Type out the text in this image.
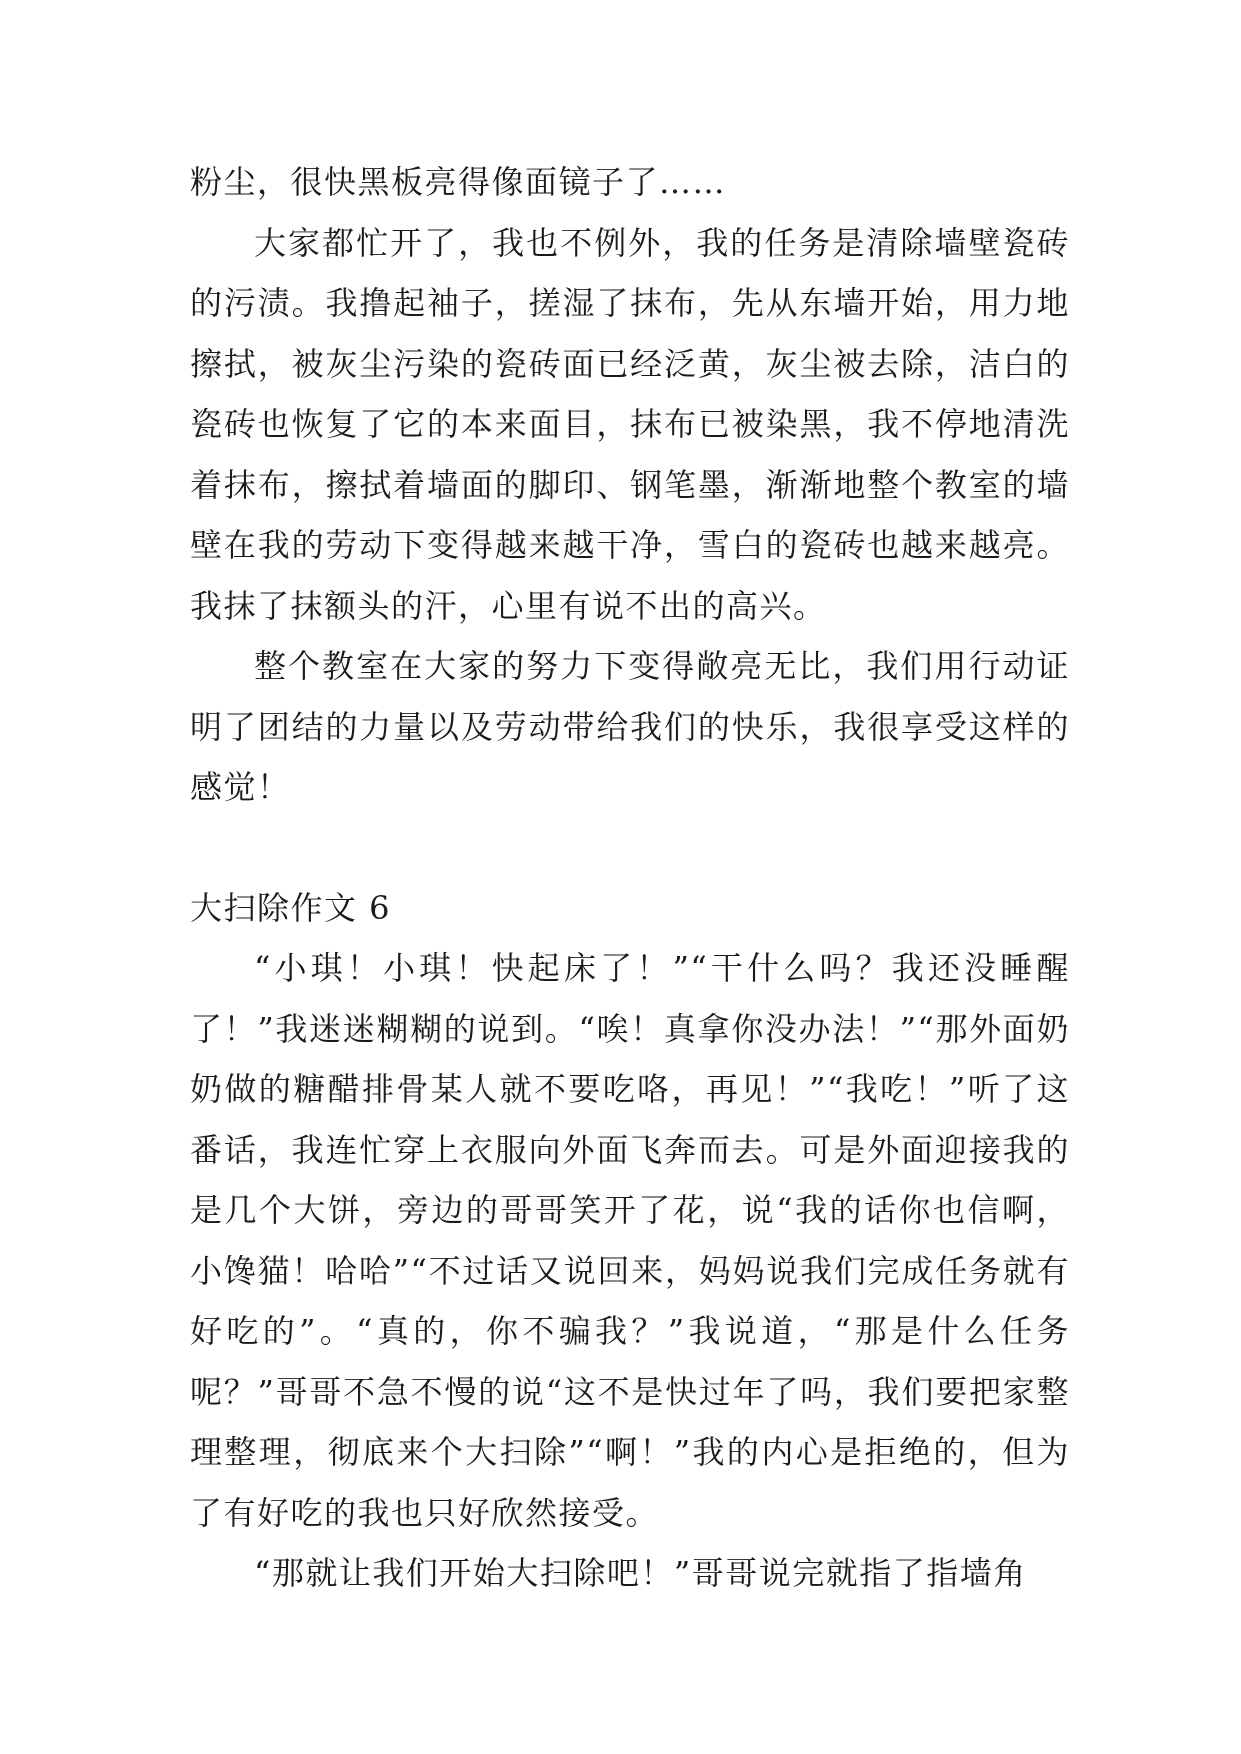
粉尘，很快黑板亮得像面镜子了……

大家都忙开了，我也不例外，我的任务是清除墙壁瓷砖的污渍。我撸起袖子，搓湿了抹布，先从东墙开始，用力地擦拭，被灰尘污染的瓷砖面已经泛黄，灰尘被去除，洁白的瓷砖也恢复了它的本来面目，抹布已被染黑，我不停地清洗着抹布，擦拭着墙面的脚印、钢笔墨，渐渐地整个教室的墙壁在我的劳动下变得越来越干净，雪白的瓷砖也越来越亮。我抹了抹额头的汗，心里有说不出的高兴。

整个教室在大家的努力下变得敞亮无比，我们用行动证明了团结的力量以及劳动带给我们的快乐，我很享受这样的感觉！

大扫除作文 6

“小琪！小琪！快起床了！”“干什么吗？我还没睡醒了！”我迷迷糊糊的说到。“唉！真拿你没办法！”“那外面奶奶做的糖醋排骨某人就不要吃咯，再见！”“我吃！”听了这番话，我连忙穿上衣服向外面飞奔而去。可是外面迎接我的是几个大饼，旁边的哥哥笑开了花，说“我的话你也信啊，小馋猫！哈哈”“不过话又说回来，妈妈说我们完成任务就有好吃的”。“真的，你不骗我？”我说道，“那是什么任务呢？”哥哥不急不慢的说“这不是快过年了吗，我们要把家整理整理，彻底来个大扫除”“啊！”我的内心是拒绝的，但为了有好吃的我也只好欣然接受。

“那就让我们开始大扫除吧！”哥哥说完就指了指墙角
